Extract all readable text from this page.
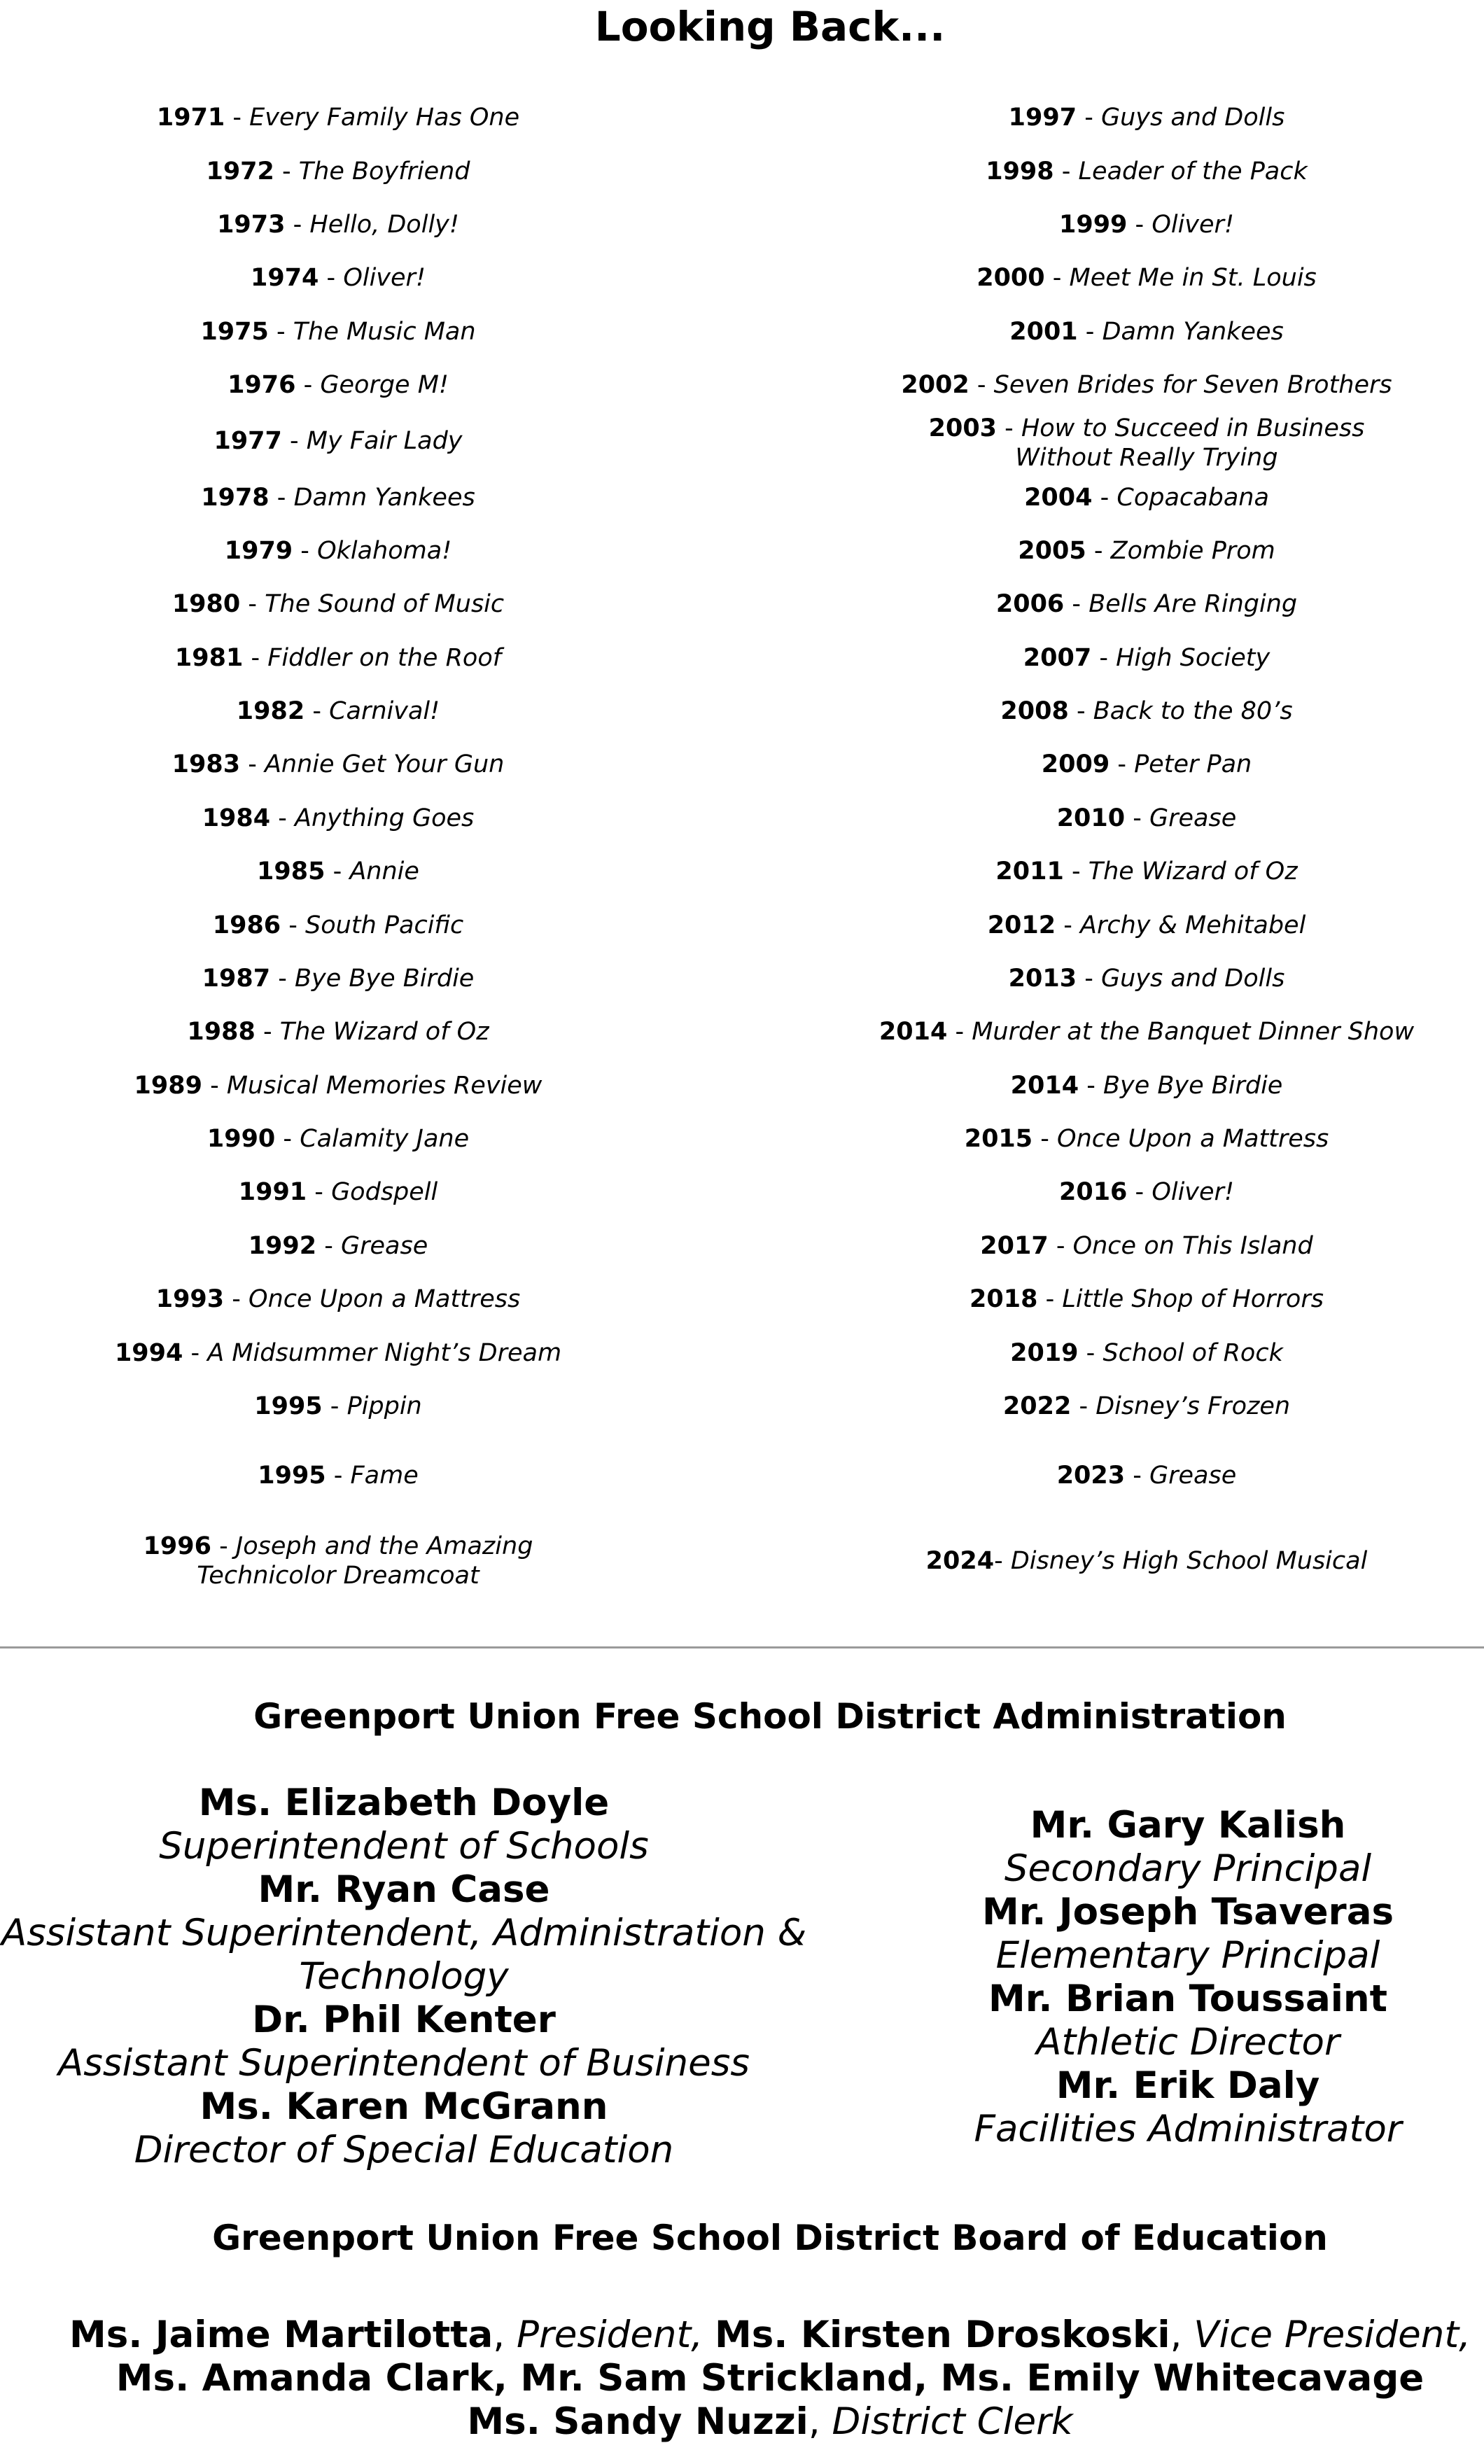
Looking Back...
1971 - Every Family Has One
1972 - The Boyfriend
1973 - Hello, Dolly!
1974 - Oliver!
1975 - The Music Man
1976 - George M!
1977 - My Fair Lady
1978 - Damn Yankees
1979 - Oklahoma!
1980 - The Sound of Music
1981 - Fiddler on the Roof
1982 - Carnival!
1983 - Annie Get Your Gun
1984 - Anything Goes
1985 - Annie
1986 - South Pacific
1987 - Bye Bye Birdie
1988 - The Wizard of Oz
1989 - Musical Memories Review
1990 - Calamity Jane
1991 - Godspell
1992 - Grease
1993 - Once Upon a Mattress
1994 - A Midsummer Night’s Dream
1995 - Pippin
1995 - Fame
1996 - Joseph and the Amazing
Technicolor Dreamcoat
1997 - Guys and Dolls
1998 - Leader of the Pack
1999 - Oliver!
2000 - Meet Me in St. Louis
2001 - Damn Yankees
2002 - Seven Brides for Seven Brothers
2003 - How to Succeed in Business
Without Really Trying
2004 - Copacabana
2005 - Zombie Prom
2006 - Bells Are Ringing
2007 - High Society
2008 - Back to the 80’s
2009 - Peter Pan
2010 - Grease
2011 - The Wizard of Oz
2012 - Archy & Mehitabel
2013 - Guys and Dolls
2014 - Murder at the Banquet Dinner Show
2014 - Bye Bye Birdie
2015 - Once Upon a Mattress
2016 - Oliver!
2017 - Once on This Island
2018 - Little Shop of Horrors
2019 - School of Rock
2022 - Disney’s Frozen
2023 - Grease
2024- Disney’s High School Musical
Greenport Union Free School District Administration
Ms. Elizabeth Doyle
Superintendent of Schools
Mr. Ryan Case
Assistant Superintendent, Administration &
Technology
Dr. Phil Kenter
Assistant Superintendent of Business
Ms. Karen McGrann
Director of Special Education
Mr. Gary Kalish
Secondary Principal
Mr. Joseph Tsaveras
Elementary Principal
Mr. Brian Toussaint
Athletic Director
Mr. Erik Daly
Facilities Administrator
Greenport Union Free School District Board of Education
Ms. Jaime Martilotta, President, Ms. Kirsten Droskoski, Vice President,
Ms. Amanda Clark, Mr. Sam Strickland, Ms. Emily Whitecavage
Ms. Sandy Nuzzi, District Clerk
